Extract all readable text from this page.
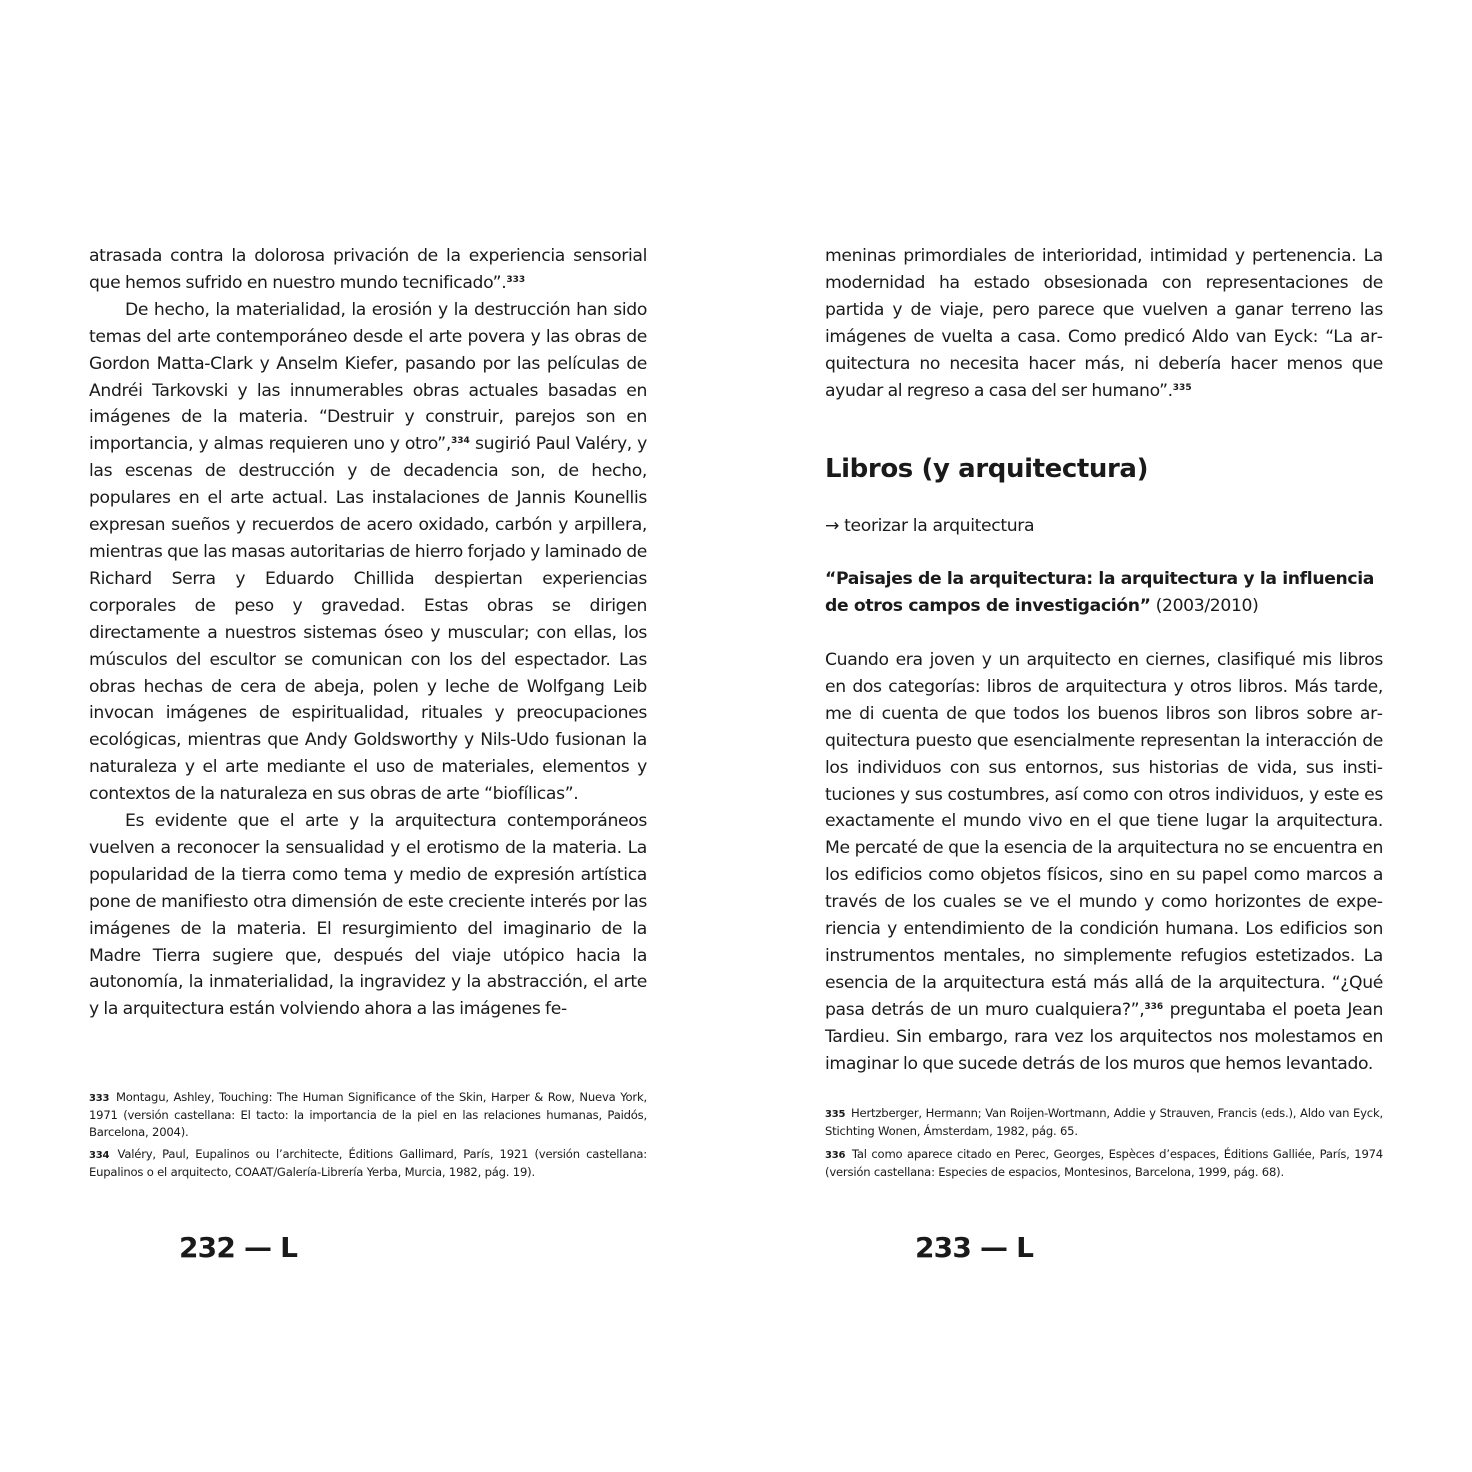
atrasada contra la dolorosa privación de la experiencia sensorial que hemos sufrido en nuestro mundo tecnificado”.$^{333}$

De hecho, la materialidad, la erosión y la destrucción han sido temas del arte contemporáneo desde el arte povera y las obras de Gordon Matta-Clark y Anselm Kiefer, pasando por las películas de Andréi Tarkovski y las innumerables obras actuales basadas en imágenes de la materia. “Destruir y construir, parejos son en importancia, y almas requieren uno y otro”,$^{334}$ sugirió Paul Valéry, y las escenas de destrucción y de decadencia son, de hecho, populares en el arte actual. Las instalaciones de Jannis Kounellis expresan sueños y recuerdos de acero oxidado, carbón y arpillera, mientras que las masas autoritarias de hierro forjado y laminado de Richard Serra y Eduardo Chillida despiertan experiencias corporales de peso y gravedad. Estas obras se dirigen directamente a nuestros sistemas óseo y muscular; con ellas, los músculos del escultor se comunican con los del espectador. Las obras hechas de cera de abeja, polen y leche de Wolfgang Leib invocan imágenes de espiritualidad, rituales y preocupaciones ecológicas, mientras que Andy Goldsworthy y Nils-Udo fusionan la naturaleza y el arte mediante el uso de materiales, elementos y contextos de la naturaleza en sus obras de arte “biofílicas”.

Es evidente que el arte y la arquitectura contemporáneos vuelven a reconocer la sensualidad y el erotismo de la materia. La popularidad de la tierra como tema y medio de expresión artística pone de manifiesto otra dimensión de este creciente interés por las imágenes de la materia. El resurgimiento del imaginario de la Madre Tierra sugiere que, después del viaje utópico hacia la autonomía, la inmaterialidad, la ingravidez y la abstracción, el arte y la arquitectura están volviendo ahora a las imágenes fe-

333 Montagu, Ashley, Touching: The Human Significance of the Skin, Harper & Row, Nueva York, 1971 (versión castellana: El tacto: la importancia de la piel en las relaciones humanas, Paidós, Barcelona, 2004).

334 Valéry, Paul, Eupalinos ou l’architecte, Éditions Gallimard, París, 1921 (versión castellana: Eupalinos o el arquitecto, COAAT/Galería-Librería Yerba, Murcia, 1982, pág. 19).

232 — L

meninas primordiales de interioridad, intimidad y pertenencia. La modernidad ha estado obsesionada con representaciones de partida y de viaje, pero parece que vuelven a ganar terreno las imágenes de vuelta a casa. Como predicó Aldo van Eyck: “La arquitectura no necesita hacer más, ni debería hacer menos que ayudar al regreso a casa del ser humano”.$^{335}$

Libros (y arquitectura)
→ teorizar la arquitectura

“Paisajes de la arquitectura: la arquitectura y la influencia de otros campos de investigación” (2003/2010)

Cuando era joven y un arquitecto en ciernes, clasifiqué mis libros en dos categorías: libros de arquitectura y otros libros. Más tarde, me di cuenta de que todos los buenos libros son libros sobre arquitectura puesto que esencialmente representan la interacción de los individuos con sus entornos, sus historias de vida, sus instituciones y sus costumbres, así como con otros individuos, y este es exactamente el mundo vivo en el que tiene lugar la arquitectura. Me percaté de que la esencia de la arquitectura no se encuentra en los edificios como objetos físicos, sino en su papel como marcos a través de los cuales se ve el mundo y como horizontes de experiencia y entendimiento de la condición humana. Los edificios son instrumentos mentales, no simplemente refugios estetizados. La esencia de la arquitectura está más allá de la arquitectura. “¿Qué pasa detrás de un muro cualquiera?”,$^{336}$ preguntaba el poeta Jean Tardieu. Sin embargo, rara vez los arquitectos nos molestamos en imaginar lo que sucede detrás de los muros que hemos levantado.

335 Hertzberger, Hermann; Van Roijen-Wortmann, Addie y Strauven, Francis (eds.), Aldo van Eyck, Stichting Wonen, Ámsterdam, 1982, pág. 65.

336 Tal como aparece citado en Perec, Georges, Espèces d’espaces, Éditions Galliée, París, 1974 (versión castellana: Especies de espacios, Montesinos, Barcelona, 1999, pág. 68).

233 — L
